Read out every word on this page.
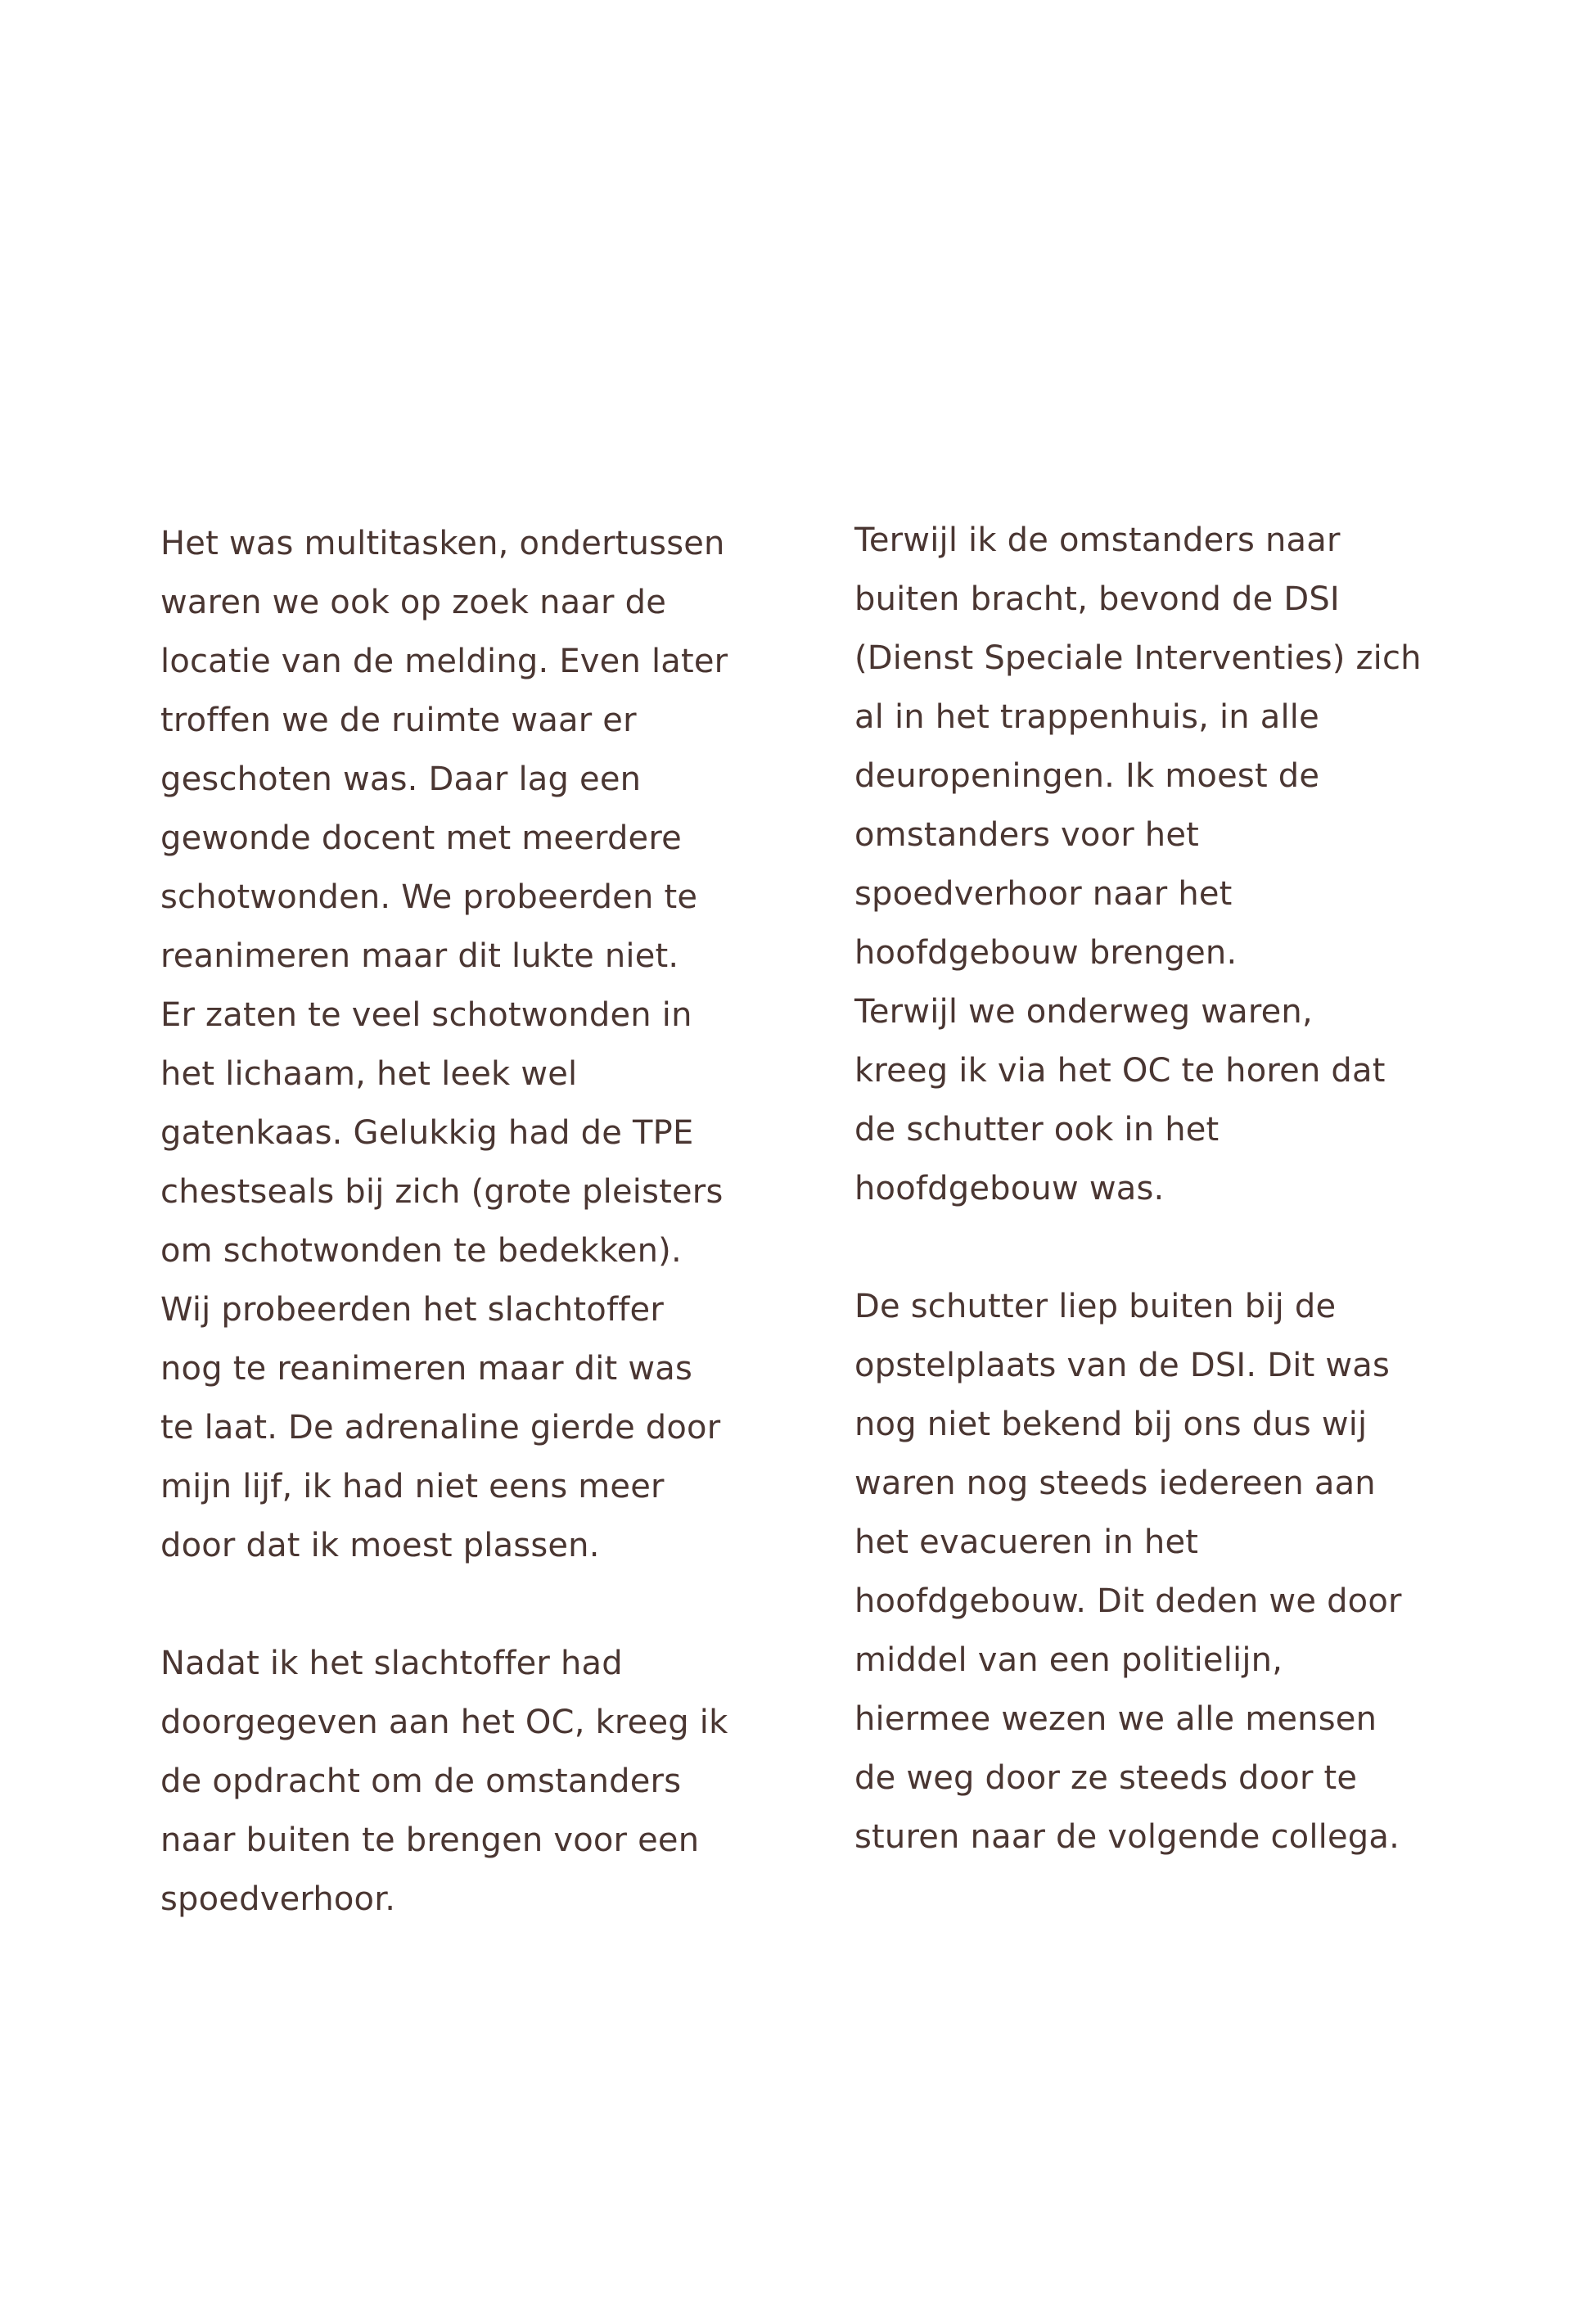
Het was multitasken, ondertussen
waren we ook op zoek naar de
locatie van de melding. Even later
troffen we de ruimte waar er
geschoten was. Daar lag een
gewonde docent met meerdere
schotwonden. We probeerden te
reanimeren maar dit lukte niet.
Er zaten te veel schotwonden in
het lichaam, het leek wel
gatenkaas. Gelukkig had de TPE
chestseals bij zich (grote pleisters
om schotwonden te bedekken).
Wij probeerden het slachtoffer
nog te reanimeren maar dit was
te laat. De adrenaline gierde door
mijn lijf, ik had niet eens meer
door dat ik moest plassen.
Nadat ik het slachtoffer had
doorgegeven aan het OC, kreeg ik
de opdracht om de omstanders
naar buiten te brengen voor een
spoedverhoor.
Terwijl ik de omstanders naar
buiten bracht, bevond de DSI
(Dienst Speciale Interventies) zich
al in het trappenhuis, in alle
deuropeningen. Ik moest de
omstanders voor het
spoedverhoor naar het
hoofdgebouw brengen.
Terwijl we onderweg waren,
kreeg ik via het OC te horen dat
de schutter ook in het
hoofdgebouw was.
De schutter liep buiten bij de
opstelplaats van de DSI. Dit was
nog niet bekend bij ons dus wij
waren nog steeds iedereen aan
het evacueren in het
hoofdgebouw. Dit deden we door
middel van een politielijn,
hiermee wezen we alle mensen
de weg door ze steeds door te
sturen naar de volgende collega.
